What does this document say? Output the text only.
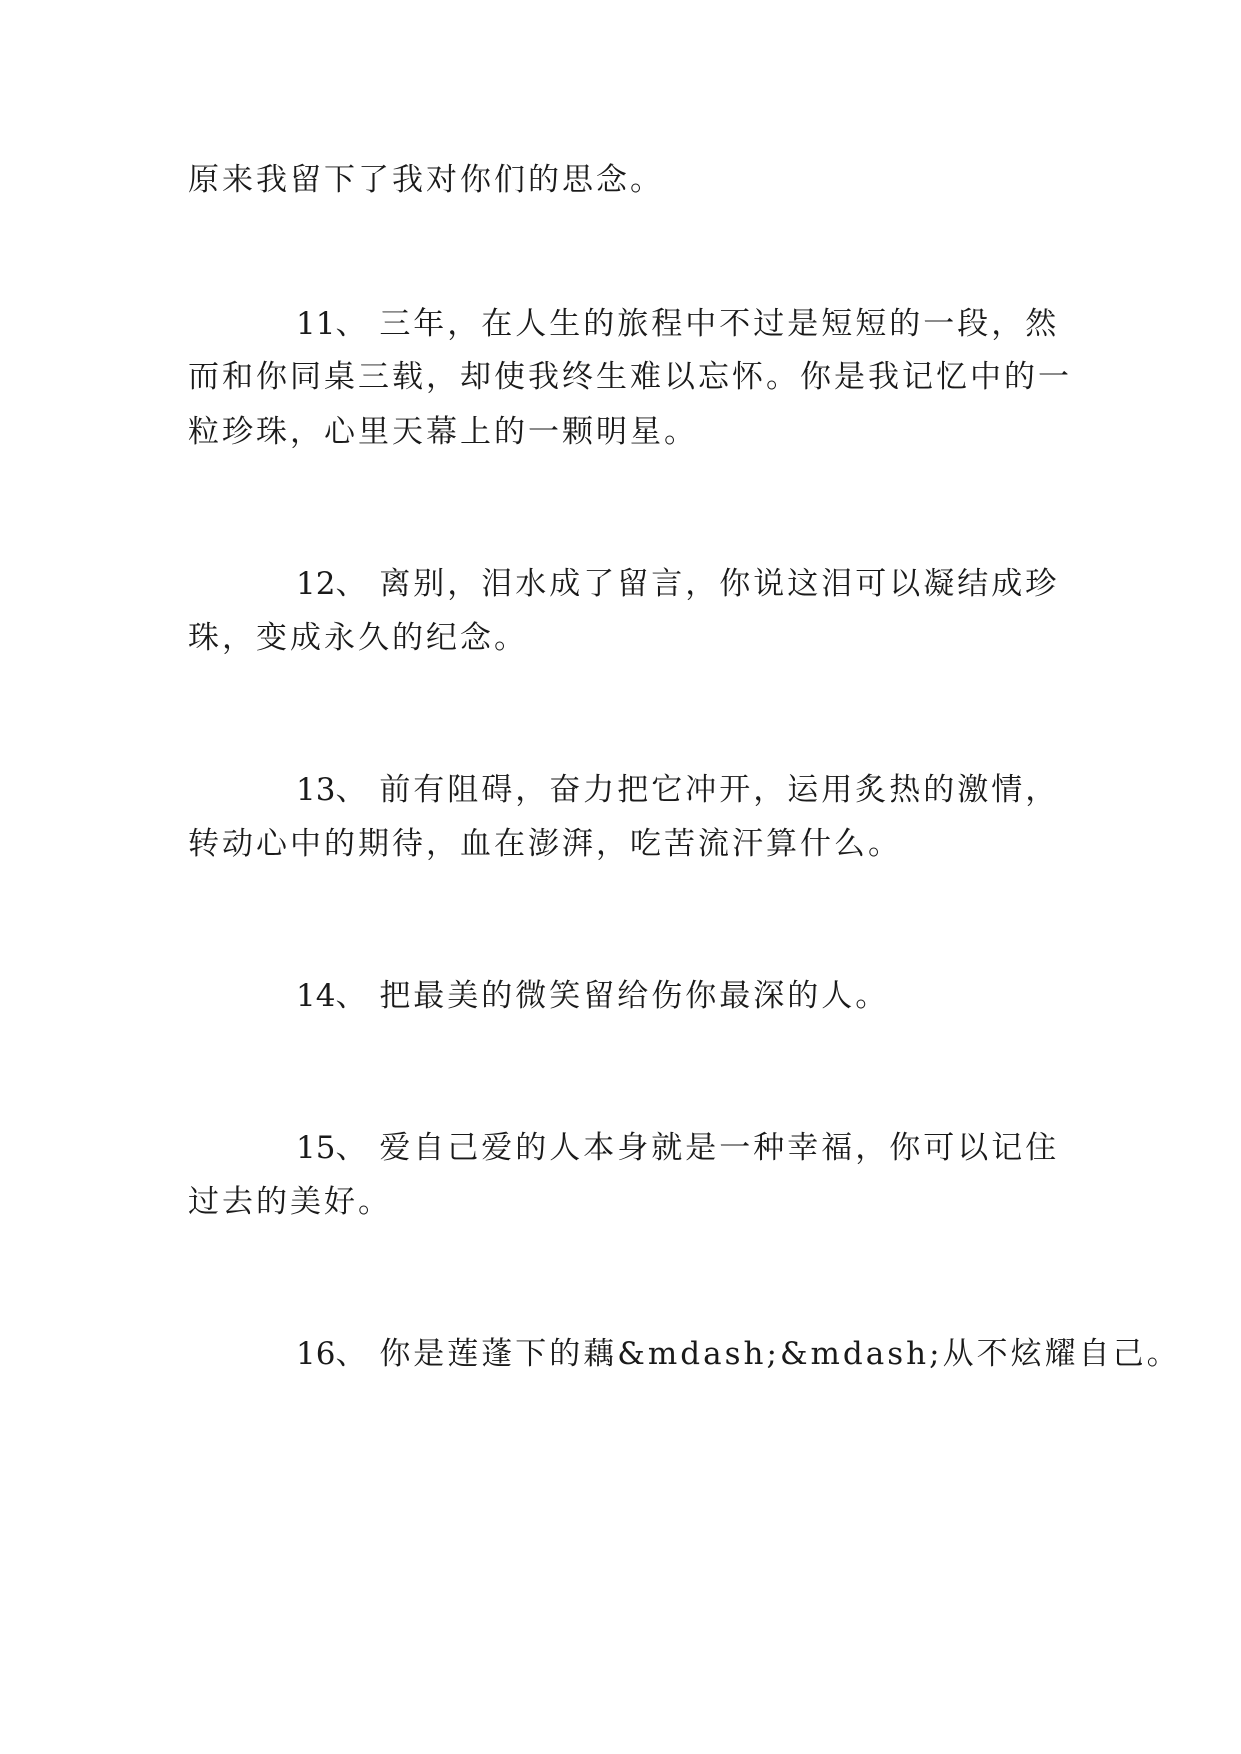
原来我留下了我对你们的思念。
11、 三年，在人生的旅程中不过是短短的一段，然
而和你同桌三载，却使我终生难以忘怀。你是我记忆中的一
粒珍珠，心里天幕上的一颗明星。
12、 离别，泪水成了留言，你说这泪可以凝结成珍
珠，变成永久的纪念。
13、 前有阻碍，奋力把它冲开，运用炙热的激情，
转动心中的期待，血在澎湃，吃苦流汗算什么。
14、 把最美的微笑留给伤你最深的人。
15、 爱自己爱的人本身就是一种幸福，你可以记住
过去的美好。
16、 你是莲蓬下的藕&mdash;&mdash;从不炫耀自己。
